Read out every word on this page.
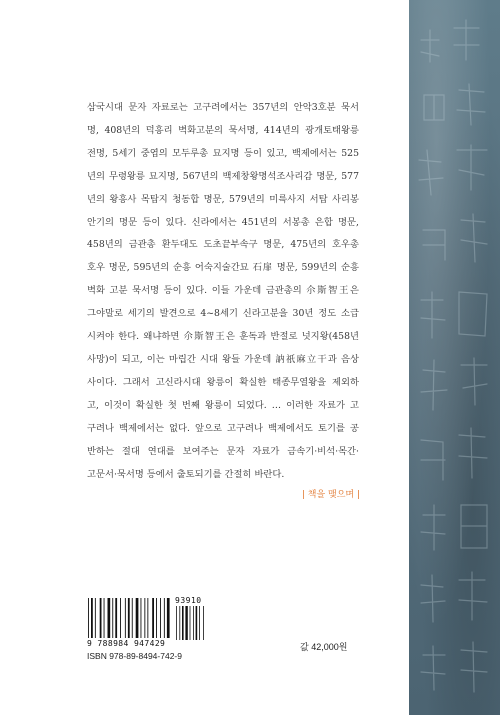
삼국시대 문자 자료로는 고구려에서는 357년의 안악3호분 묵서
명, 408년의 덕흥리 벽화고분의 묵서명, 414년의 광개토태왕릉
전명, 5세기 중엽의 모두루총 묘지명 등이 있고, 백제에서는 525
년의 무령왕릉 묘지명, 567년의 백제창왕명석조사리감 명문, 577
년의 왕흥사 목탑지 청동합 명문, 579년의 미륵사지 서탑 사리봉
안기의 명문 등이 있다. 신라에서는 451년의 서봉총 은합 명문,
458년의 금관총 환두대도 도초끝부속구 명문, 475년의 호우총
호우 명문, 595년의 순흥 어숙지술간묘 石扉 명문, 599년의 순흥
벽화 고분 묵서명 등이 있다. 이들 가운데 금관총의 尒斯智王은
그야말로 세기의 발견으로 4~8세기 신라고분을 30년 정도 소급
시켜야 한다. 왜냐하면 尒斯智王은 훈독과 반절로 넛지왕(458년
사망)이 되고, 이는 마립간 시대 왕들 가운데 訥祇麻立干과 음상
사이다. 그래서 고신라시대 왕릉이 확실한 태종무열왕을 제외하
고, 이것이 확실한 첫 번째 왕릉이 되었다. … 이러한 자료가 고
구려나 백제에서는 없다. 앞으로 고구려나 백제에서도 토기를 공
반하는 절대 연대를 보여주는 문자 자료가 금속기·비석·목간·
고문서·묵서명 등에서 출토되기를 간절히 바란다.
| 책을 맺으며 |
93910
9 788984 947429
ISBN 978-89-8494-742-9
값 42,000원
